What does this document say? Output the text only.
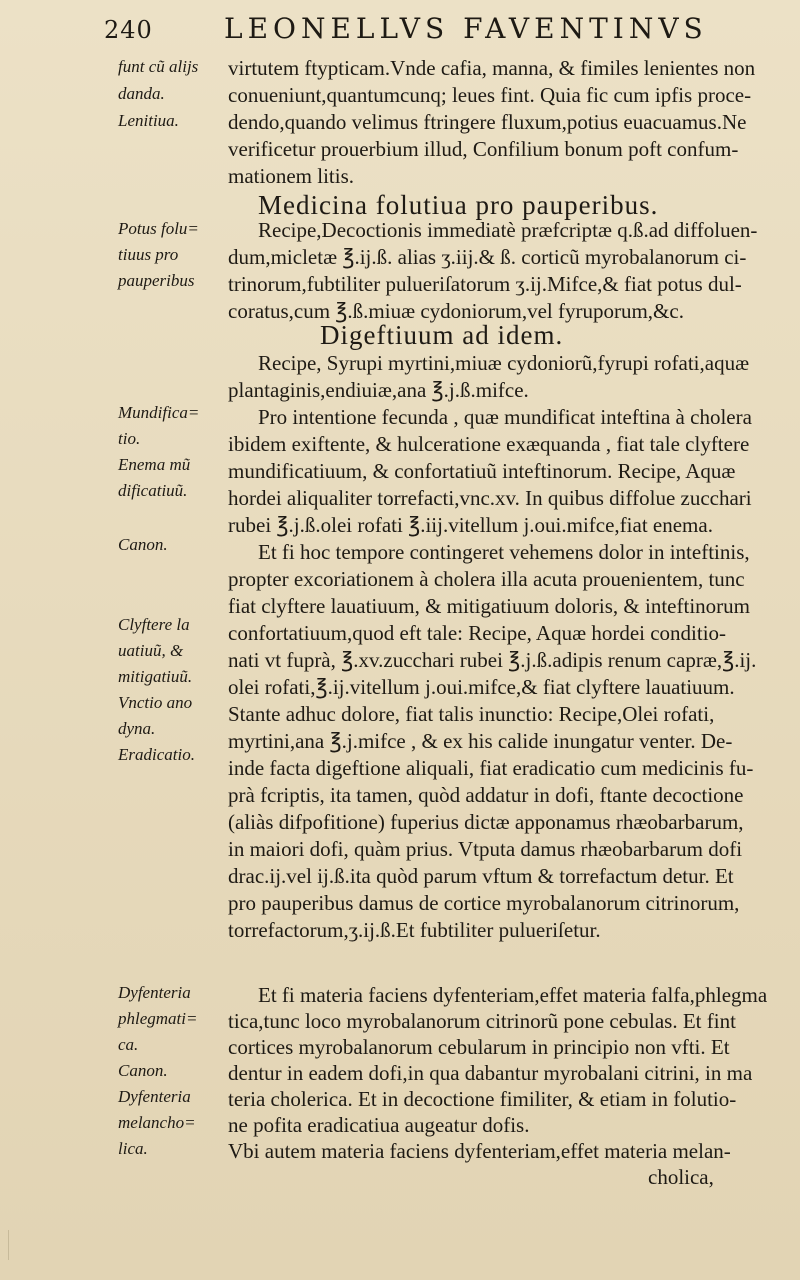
240	LEONELLVS FAVENTINVS
funt cũ aliјs
danda.
Lenitiua.
Potus folu=
tiuus pro
pauperibus
Mundifica=
tio.
Enema mũ
dificatiuũ.
Canon.
Clyftere la
uatiuũ, &
mitigatiuũ.
Vnctio ano
dyna.
Eradicatio.
Dyfenteria
phlegmati=
ca.
Canon.
Dyfenteria
melancho=
lica.
Medicina folutiua pro pauperibus.
Digeftiuum ad idem.
virtutem ftypticam.Vnde cafia, manna, & fimiles lenientes non
conueniunt,quantumcunq; leues fint. Quia fic cum ipfis proce-
dendo,quando velimus ftringere fluxum,potius euacuamus.Ne
verificetur prouerbium illud, Confilium bonum poft confum-
mationem litis.
Recipe,Decoctionis immediatè præfcriptæ q.ß.ad diffoluen-
dum,micletæ ℥.ij.ß. alias ʒ.iij.& ß. corticũ myrobalanorum ci-
trinorum,fubtiliter pulueriſatorum ʒ.ij.Mifce,& fiat potus dul-
coratus,cum ℥.ß.miuæ cydoniorum,vel fyruporum,&c.
Recipe, Syrupi myrtini,miuæ cydoniorũ,fyrupi rofati,aquæ
plantaginis,endiuiæ,ana ℥.j.ß.mifce.
Pro intentione fecunda , quæ mundificat inteftina à cholera
ibidem exiftente, & hulceratione exæquanda , fiat tale clyftere
mundificatiuum, & confortatiuũ inteftinorum. Recipe, Aquæ
hordei aliqualiter torrefacti,vnc.xv. In quibus diffolue zucchari
rubei ℥.j.ß.olei rofati ℥.iij.vitellum j.oui.mifce,fiat enema.
Et fi hoc tempore contingeret vehemens dolor in inteftinis,
propter excoriationem à cholera illa acuta prouenientem, tunc
fiat clyftere lauatiuum, & mitigatiuum doloris, & inteftinorum
confortatiuum,quod eft tale: Recipe, Aquæ hordei conditio-
nati vt fuprà, ℥.xv.zucchari rubei ℥.j.ß.adipis renum capræ,℥.ij.
olei rofati,℥.ij.vitellum j.oui.mifce,& fiat clyftere lauatiuum.
Stante adhuc dolore, fiat talis inunctio: Recipe,Olei rofati,
myrtini,ana ℥.j.mifce , & ex his calide inungatur venter. De-
inde facta digeftione aliquali, fiat eradicatio cum medicinis fu-
prà fcriptis, ita tamen, quòd addatur in dofi, ftante decoctione
(aliàs difpofitione) fuperius dictæ apponamus rhæobarbarum,
in maiori dofi, quàm prius. Vtputa damus rhæobarbarum dofi
drac.ij.vel ij.ß.ita quòd parum vftum & torrefactum detur. Et
pro pauperibus damus de cortice myrobalanorum citrinorum,
torrefactorum,ʒ.ij.ß.Et fubtiliter pulueriſetur.
Et fi materia faciens dyfenteriam,effet materia falfa,phlegma
tica,tunc loco myrobalanorum citrinorũ pone cebulas. Et fint
cortices myrobalanorum cebularum in principio non vfti. Et
dentur in eadem dofi,in qua dabantur myrobalani citrini, in ma
teria cholerica. Et in decoctione fimiliter, & etiam in folutio-
ne pofita eradicatiua augeatur dofis.
Vbi autem materia faciens dyfenteriam,effet materia melan-
cholica,
